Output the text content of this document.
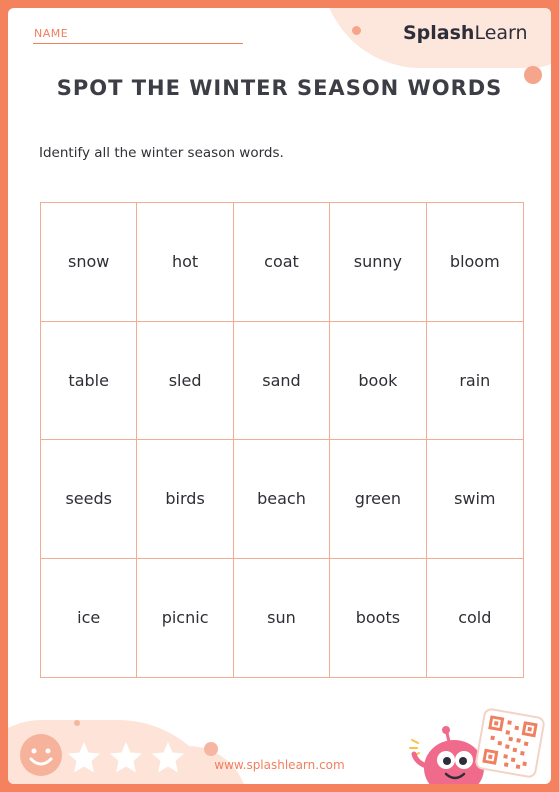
NAME	SplashLearn
SPOT THE WINTER SEASON WORDS
Identify all the winter season words.
snow	hot	coat	sunny	bloom
table	sled	sand	book	rain
seeds	birds	beach	green	swim
ice	picnic	sun	boots	cold
www.splashlearn.com
